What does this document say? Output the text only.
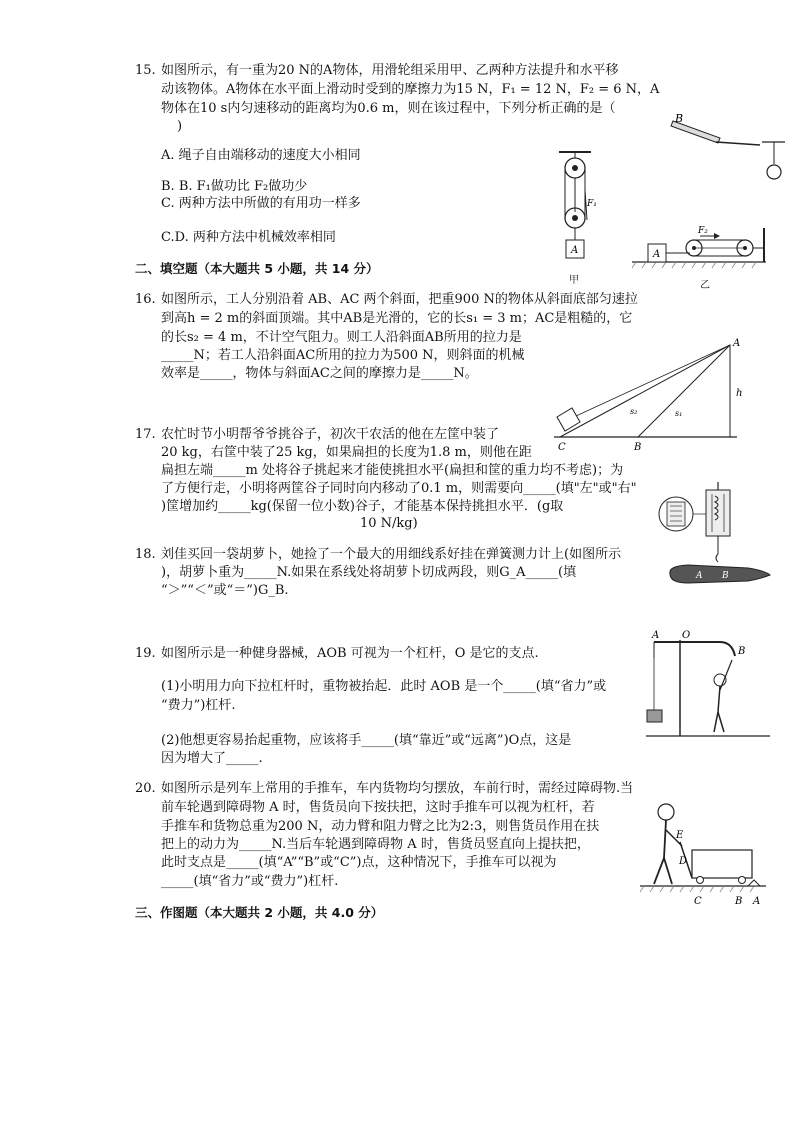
15. 如图所示，有一重为20 N的A物体，用滑轮组采用甲、乙两种方法提升和水平移
动该物体。A物体在水平面上滑动时受到的摩擦力为15 N，F₁ = 12 N，F₂ = 6 N，A
物体在10 s内匀速移动的距离均为0.6 m，则在该过程中，下列分析正确的是（
)
A. 绳子自由端移动的速度大小相同
B. B. F₁做功比 F₂做功少
C. 两种方法中所做的有用功一样多
C.D. 两种方法中机械效率相同
B
F₁
A
甲
A
F₂
乙
二、填空题（本大题共 5 小题，共 14 分）
16. 如图所示，工人分别沿着 AB、AC 两个斜面，把重900 N的物体从斜面底部匀速拉
到高h = 2 m的斜面顶端。其中AB是光滑的，它的长s₁ = 3 m；AC是粗糙的，它
的长s₂ = 4 m，不计空气阻力。则工人沿斜面AB所用的拉力是
_____N；若工人沿斜面AC所用的拉力为500 N，则斜面的机械
效率是_____，物体与斜面AC之间的摩擦力是_____N。
A
B
C
h
s₂	s₁
17. 农忙时节小明帮爷爷挑谷子，初次干农活的他在左筐中装了
20 kg，右筐中装了25 kg，如果扁担的长度为1.8 m，则他在距
扁担左端_____m 处将谷子挑起来才能使挑担水平(扁担和筐的重力均不考虑)；为
了方便行走，小明将两筐谷子同时向内移动了0.1 m，则需要向_____(填"左"或"右"
)筐增加约_____kg(保留一位小数)谷子，才能基本保持挑担水平．(g取
10 N/kg)
18. 刘佳买回一袋胡萝卜，她捡了一个最大的用细线系好挂在弹簧测力计上(如图所示
)，胡萝卜重为_____N.如果在系线处将胡萝卜切成两段，则G_A_____(填
“＞”“＜”或“＝”)G_B.
A B
19. 如图所示是一种健身器械，AOB 可视为一个杠杆，O 是它的支点.
(1)小明用力向下拉杠杆时，重物被抬起．此时 AOB 是一个_____(填“省力”或
“费力”)杠杆.
(2)他想更容易抬起重物，应该将手_____(填“靠近”或“远离”)O点，这是
因为增大了_____.
A O
B
20. 如图所示是列车上常用的手推车，车内货物均匀摆放，车前行时，需经过障碍物.当
前车轮遇到障碍物 A 时，售货员向下按扶把，这时手推车可以视为杠杆，若
手推车和货物总重为200 N，动力臂和阻力臂之比为2:3，则售货员作用在扶
把上的动力为_____N.当后车轮遇到障碍物 A 时，售货员竖直向上提扶把，
此时支点是_____(填“A”“B”或“C”)点，这种情况下，手推车可以视为
_____(填“省力”或“费力”)杠杆.
E
D
C	B A
三、作图题（本大题共 2 小题，共 4.0 分）
